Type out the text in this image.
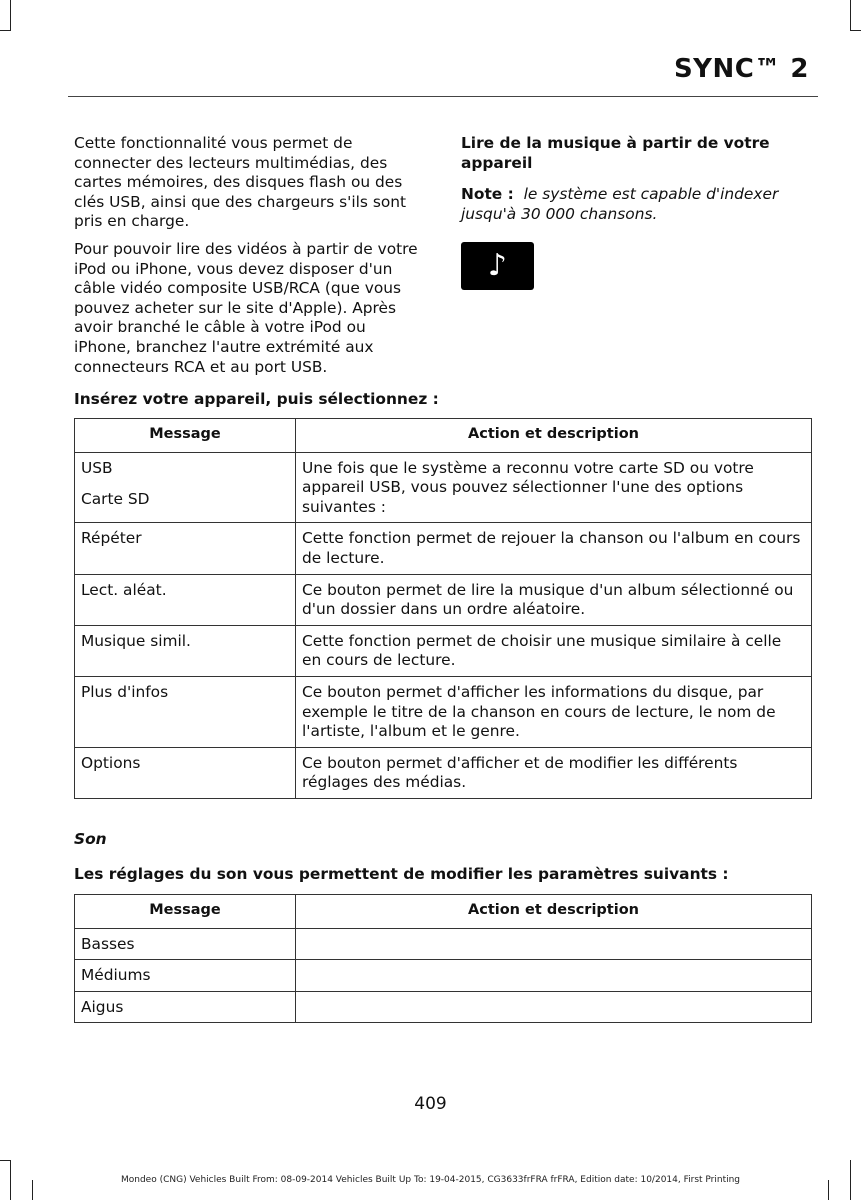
SYNC™ 2

Cette fonctionnalité vous permet de connecter des lecteurs multimédias, des cartes mémoires, des disques flash ou des clés USB, ainsi que des chargeurs s'ils sont pris en charge.

Pour pouvoir lire des vidéos à partir de votre iPod ou iPhone, vous devez disposer d'un câble vidéo composite USB/RCA (que vous pouvez acheter sur le site d'Apple). Après avoir branché le câble à votre iPod ou iPhone, branchez l'autre extrémité aux connecteurs RCA et au port USB.

Lire de la musique à partir de votre appareil

Note : le système est capable d'indexer jusqu'à 30 000 chansons.

♪
Insérez votre appareil, puis sélectionnez :
Message	Action et description

USB
Carte SD	Une fois que le système a reconnu votre carte SD ou votre appareil USB, vous pouvez sélectionner l'une des options suivantes :
Répéter	Cette fonction permet de rejouer la chanson ou l'album en cours de lecture.
Lect. aléat.	Ce bouton permet de lire la musique d'un album sélectionné ou d'un dossier dans un ordre aléatoire.
Musique simil.	Cette fonction permet de choisir une musique similaire à celle en cours de lecture.
Plus d'infos	Ce bouton permet d'afficher les informations du disque, par exemple le titre de la chanson en cours de lecture, le nom de l'artiste, l'album et le genre.
Options	Ce bouton permet d'afficher et de modifier les différents réglages des médias.
Son
Les réglages du son vous permettent de modifier les paramètres suivants :
Message	Action et description
Basses	
Médiums	
Aigus	
409
Mondeo (CNG) Vehicles Built From: 08-09-2014 Vehicles Built Up To: 19-04-2015, CG3633frFRA frFRA, Edition date: 10/2014, First Printing
